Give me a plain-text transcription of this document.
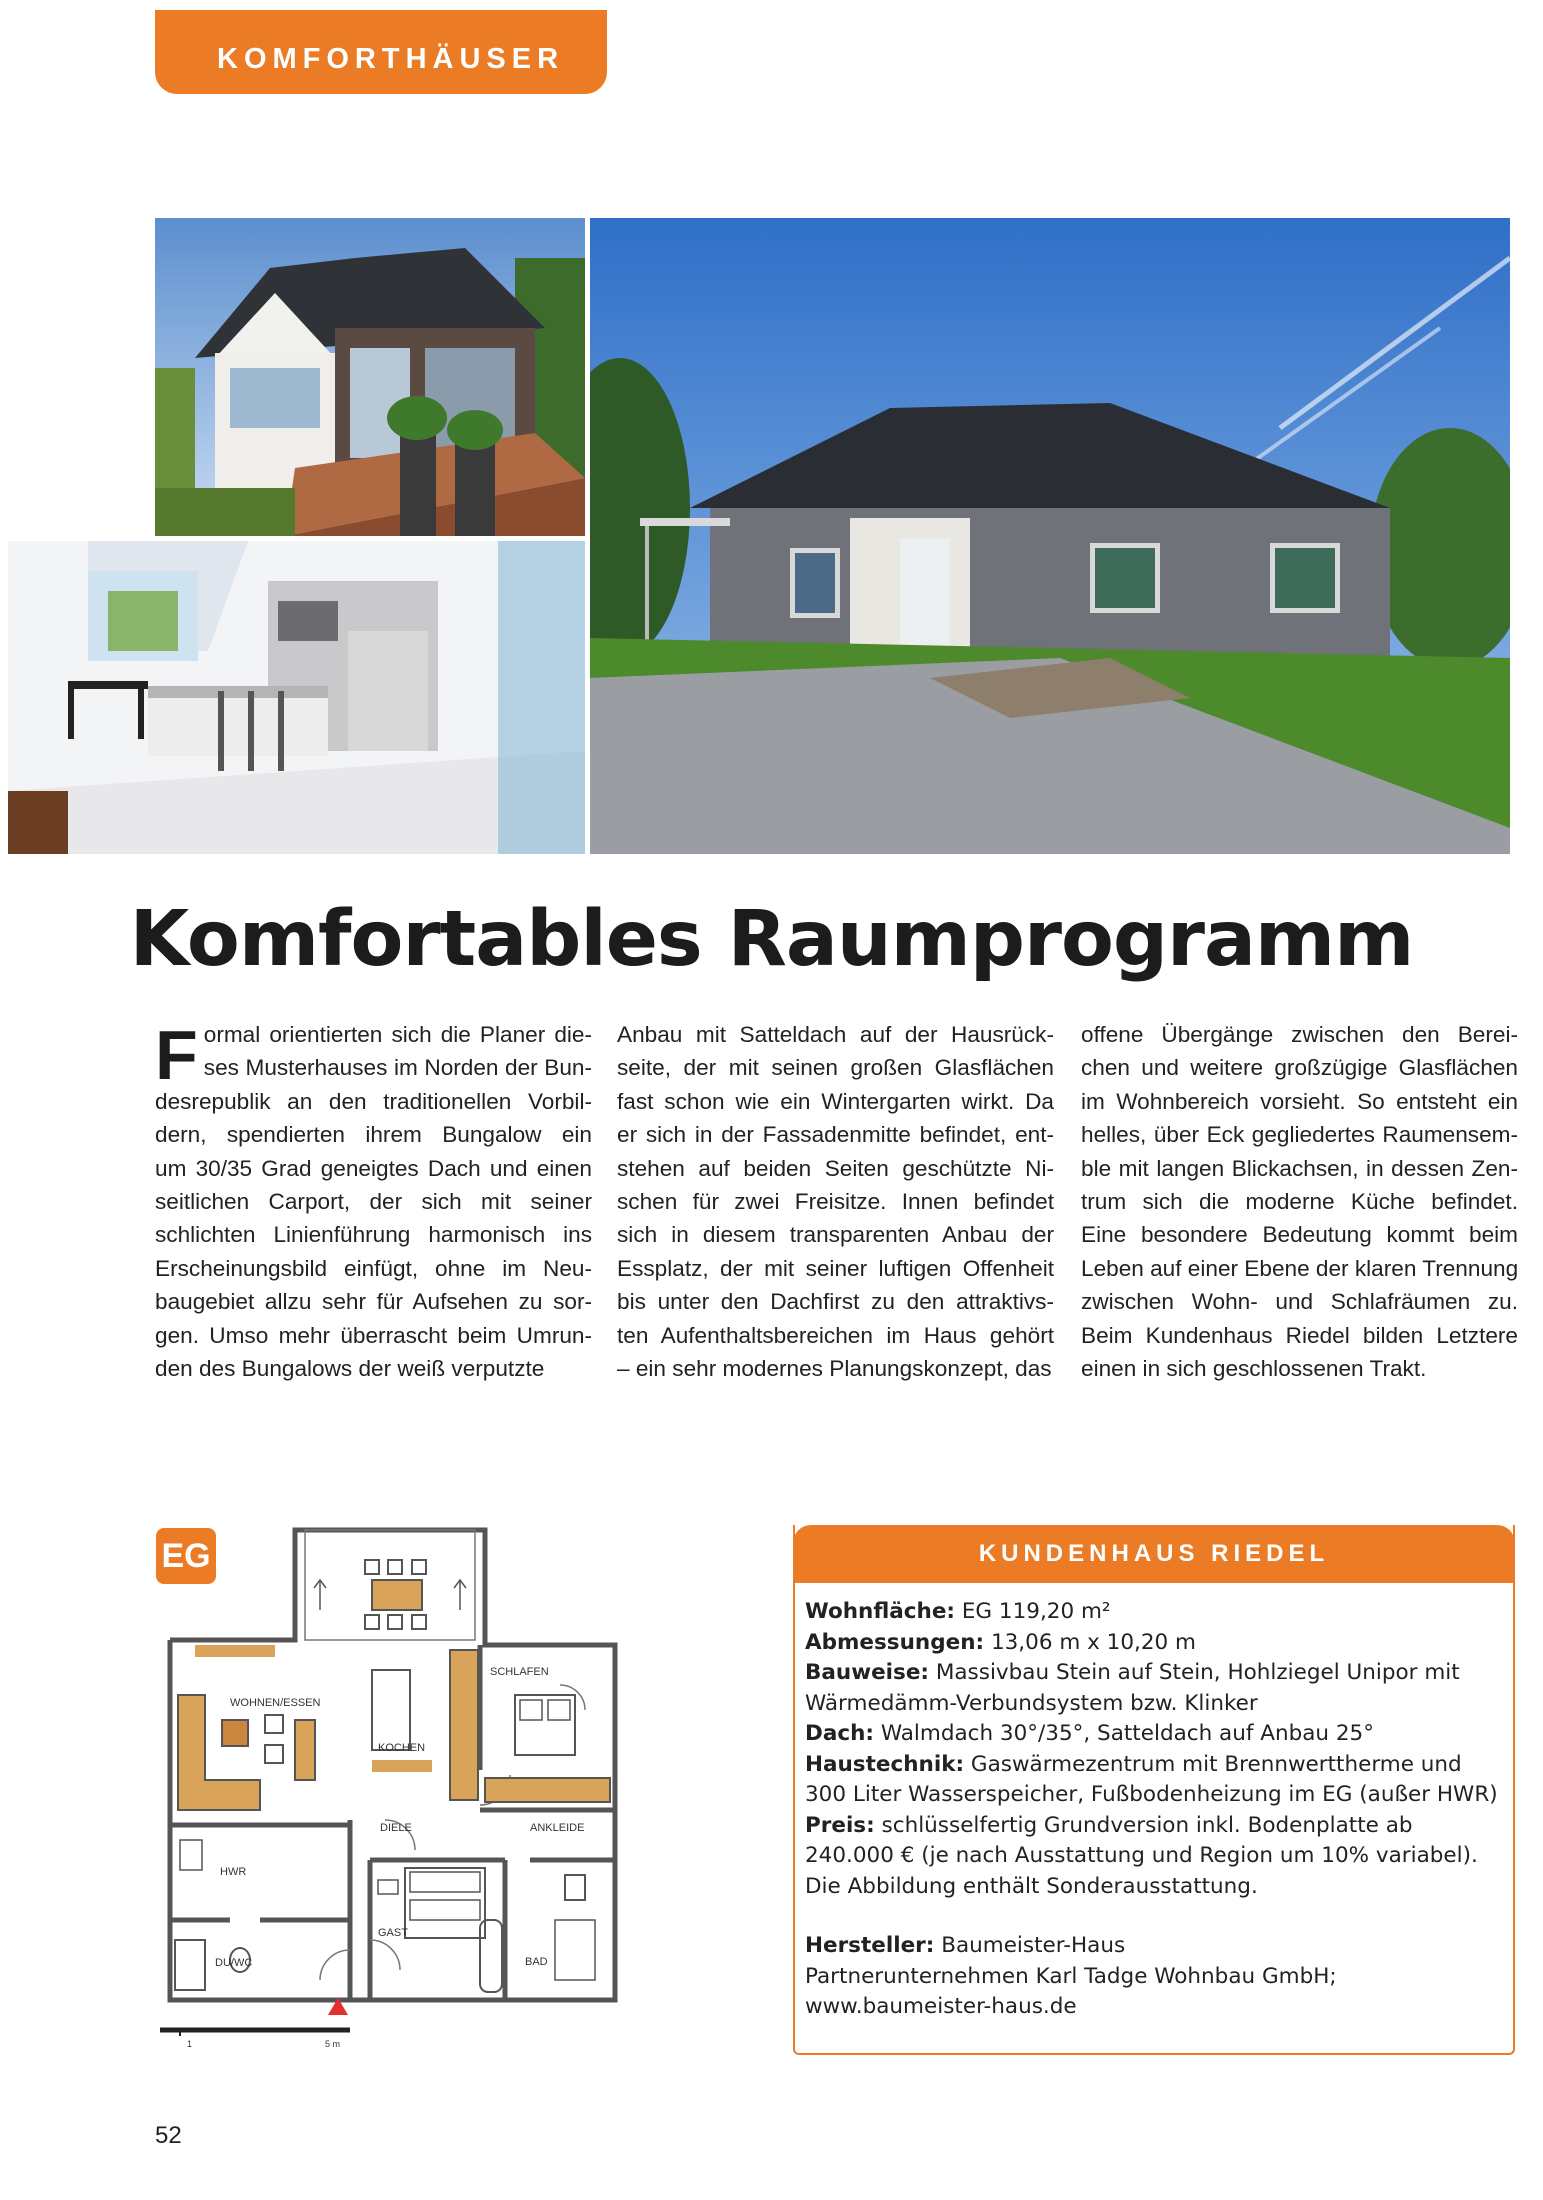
KOMFORTHÄUSER
Komfortables Raumprogramm
F ormal orientierten sich die Planer die-
ses Musterhauses im Norden der Bun-
desrepublik an den traditionellen Vorbil-
dern, spendierten ihrem Bungalow ein
um 30/35 Grad geneigtes Dach und einen
seitlichen Carport, der sich mit seiner
schlichten Linienführung harmonisch ins
Erscheinungsbild einfügt, ohne im Neu-
baugebiet allzu sehr für Aufsehen zu sor-
gen. Umso mehr überrascht beim Umrun-
den des Bungalows der weiß verputzte
Anbau mit Satteldach auf der Hausrück-
seite, der mit seinen großen Glasflächen
fast schon wie ein Wintergarten wirkt. Da
er sich in der Fassadenmitte befindet, ent-
stehen auf beiden Seiten geschützte Ni-
schen für zwei Freisitze. Innen befindet
sich in diesem transparenten Anbau der
Essplatz, der mit seiner luftigen Offenheit
bis unter den Dachfirst zu den attraktivs-
ten Aufenthaltsbereichen im Haus gehört
– ein sehr modernes Planungskonzept, das
offene Übergänge zwischen den Berei-
chen und weitere großzügige Glasflächen
im Wohnbereich vorsieht. So entsteht ein
helles, über Eck gegliedertes Raumensem-
ble mit langen Blickachsen, in dessen Zen-
trum sich die moderne Küche befindet.
Eine besondere Bedeutung kommt beim
Leben auf einer Ebene der klaren Trennung
zwischen Wohn- und Schlafräumen zu.
Beim Kundenhaus Riedel bilden Letztere
einen in sich geschlossenen Trakt.
EG
WOHNEN/ESSEN
KOCHEN
SCHLAFEN
DIELE	ANKLEIDE
HWR
GAST
BAD
DU/WC
1	5 m
KUNDENHAUS RIEDEL

Wohnfläche: EG 119,20 m²

Abmessungen: 13,06 m x 10,20 m

Bauweise: Massivbau Stein auf Stein, Hohlziegel Unipor mit Wärmedämm-Verbundsystem bzw. Klinker

Dach: Walmdach 30°/35°, Satteldach auf Anbau 25°

Haustechnik: Gaswärmezentrum mit Brennwerttherme und 300 Liter Wasserspeicher, Fußbodenheizung im EG (außer HWR)

Preis: schlüsselfertig Grundversion inkl. Bodenplatte ab 240.000 € (je nach Ausstattung und Region um 10% variabel). Die Abbildung enthält Sonderausstattung.

Hersteller: Baumeister-Haus

Partnerunternehmen Karl Tadge Wohnbau GmbH;

www.baumeister-haus.de

52
